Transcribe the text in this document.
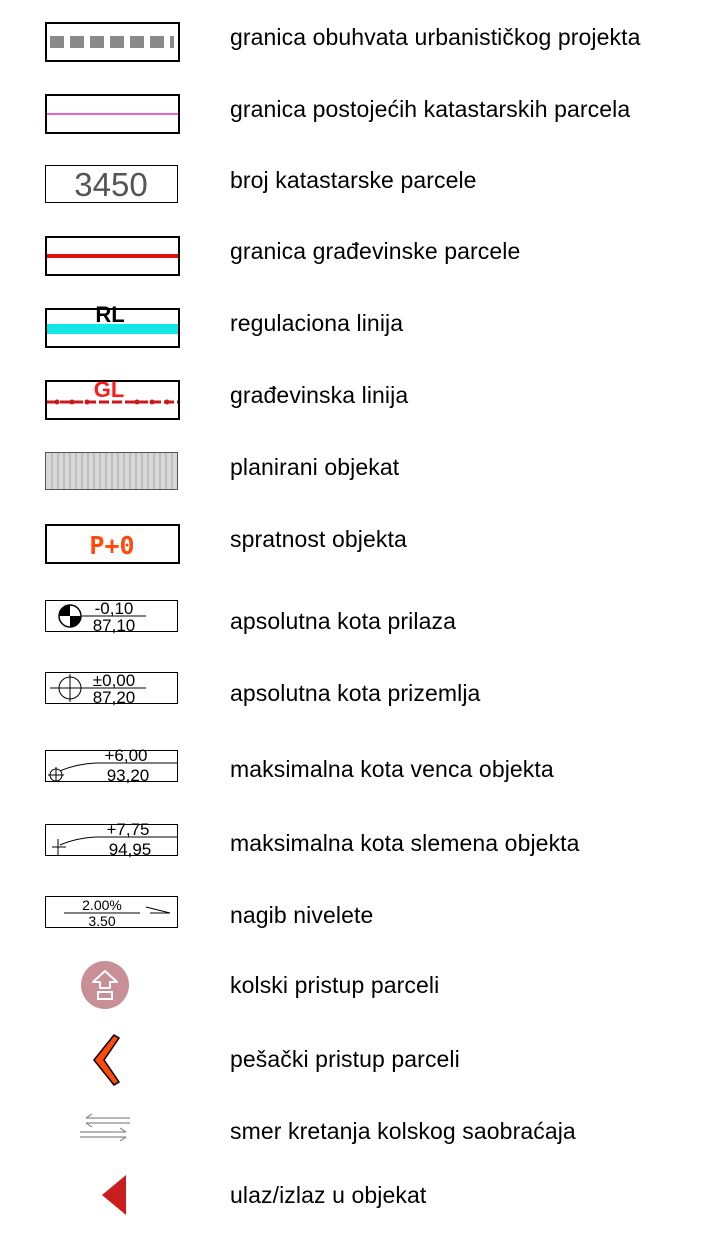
granica obuhvata urbanističkog projekta
granica postojećih katastarskih parcela
3450	broj katastarske parcele
granica građevinske parcele
RL	regulaciona linija
GL	građevinska linija
planirani objekat
P+0	spratnost objekta
-0,10
87,10	apsolutna kota prilaza
±0,00
87,20	apsolutna kota prizemlja
+6,00
93,20	maksimalna kota venca objekta
+7,75
94,95	maksimalna kota slemena objekta
2.00%
3.50	nagib nivelete
kolski pristup parceli
pešački pristup parceli
smer kretanja kolskog saobraćaja
ulaz/izlaz u objekat
